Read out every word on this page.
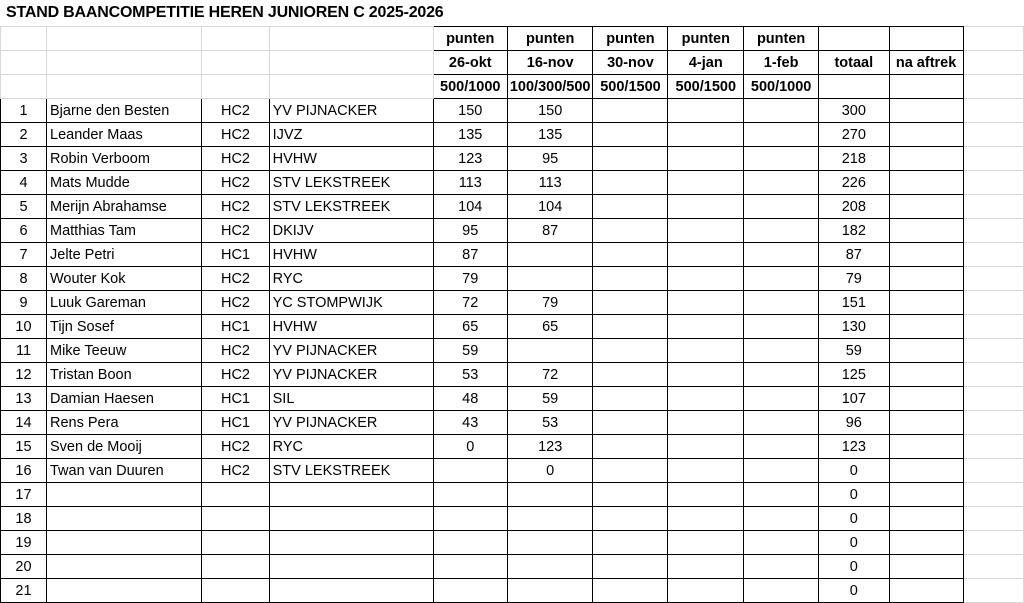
STAND BAANCOMPETITIE HEREN JUNIOREN C 2025-2026
				punten	punten	punten	punten	punten			
				26-okt	16-nov	30-nov	4-jan	1-feb	totaal	na aftrek	
				500/1000	100/300/500	500/1500	500/1500	500/1000			
1	Bjarne den Besten	HC2	YV PIJNACKER	150	150				300		
2	Leander Maas	HC2	IJVZ	135	135				270		
3	Robin Verboom	HC2	HVHW	123	95				218		
4	Mats Mudde	HC2	STV LEKSTREEK	113	113				226		
5	Merijn Abrahamse	HC2	STV LEKSTREEK	104	104				208		
6	Matthias Tam	HC2	DKIJV	95	87				182		
7	Jelte Petri	HC1	HVHW	87					87		
8	Wouter Kok	HC2	RYC	79					79		
9	Luuk Gareman	HC2	YC STOMPWIJK	72	79				151		
10	Tijn Sosef	HC1	HVHW	65	65				130		
11	Mike Teeuw	HC2	YV PIJNACKER	59					59		
12	Tristan Boon	HC2	YV PIJNACKER	53	72				125		
13	Damian Haesen	HC1	SIL	48	59				107		
14	Rens Pera	HC1	YV PIJNACKER	43	53				96		
15	Sven de Mooij	HC2	RYC	0	123				123		
16	Twan van Duuren	HC2	STV LEKSTREEK		0				0		
17									0		
18									0		
19									0		
20									0		
21									0		
